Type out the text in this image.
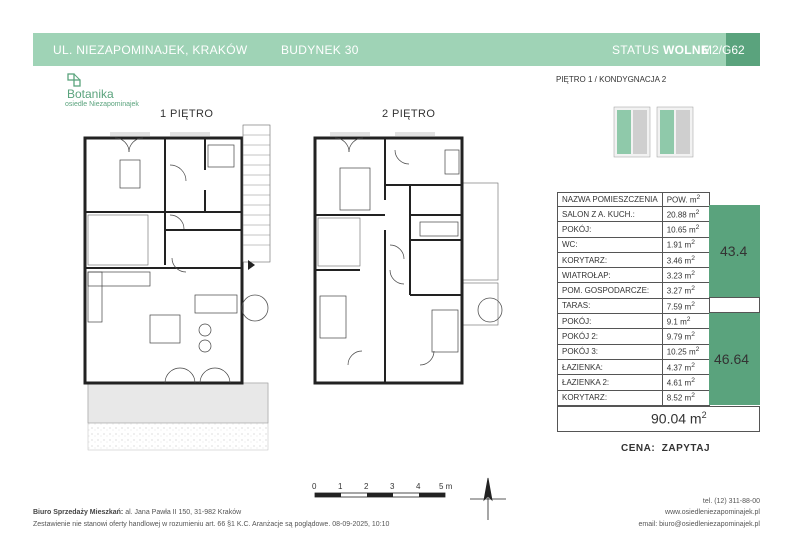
UL. NIEZAPOMINAJEK, KRAKÓW	BUDYNEK 30	STATUS WOLNE
M2/G62
Botanika
osiedle Niezapominajek
PIĘTRO 1 / KONDYGNACJA 2
1 PIĘTRO	2 PIĘTRO
NAZWA POMIESZCZENIA	POW. $m^2$	
SALON Z A. KUCH.:	20.88 $m^2$	
POKÓJ:	10.65 $m^2$	
WC:	1.91 $m^2$	
KORYTARZ:	3.46 $m^2$	
WIATROŁAP:	3.23 $m^2$	
POM. GOSPODARCZE:	3.27 $m^2$	
TARAS:	7.59 $m^2$	
POKÓJ:	9.1 $m^2$	
POKÓJ 2:	9.79 $m^2$	
POKÓJ 3:	10.25 $m^2$	
ŁAZIENKA:	4.37 $m^2$	
ŁAZIENKA 2:	4.61 $m^2$	
KORYTARZ:	8.52 $m^2$	
43.4
46.64
90.04 $m^2$
CENA: ZAPYTAJ
0	1	2	3	4 5 m
Biuro Sprzedaży Mieszkań: al. Jana Pawła II 150, 31-982 Kraków
Zestawienie nie stanowi oferty handlowej w rozumieniu art. 66 §1 K.C. Aranżacje są poglądowe. 08-09-2025, 10:10
tel. (12) 311-88-00
www.osiedleniezapominajek.pl
email: biuro@osiedleniezapominajek.pl
